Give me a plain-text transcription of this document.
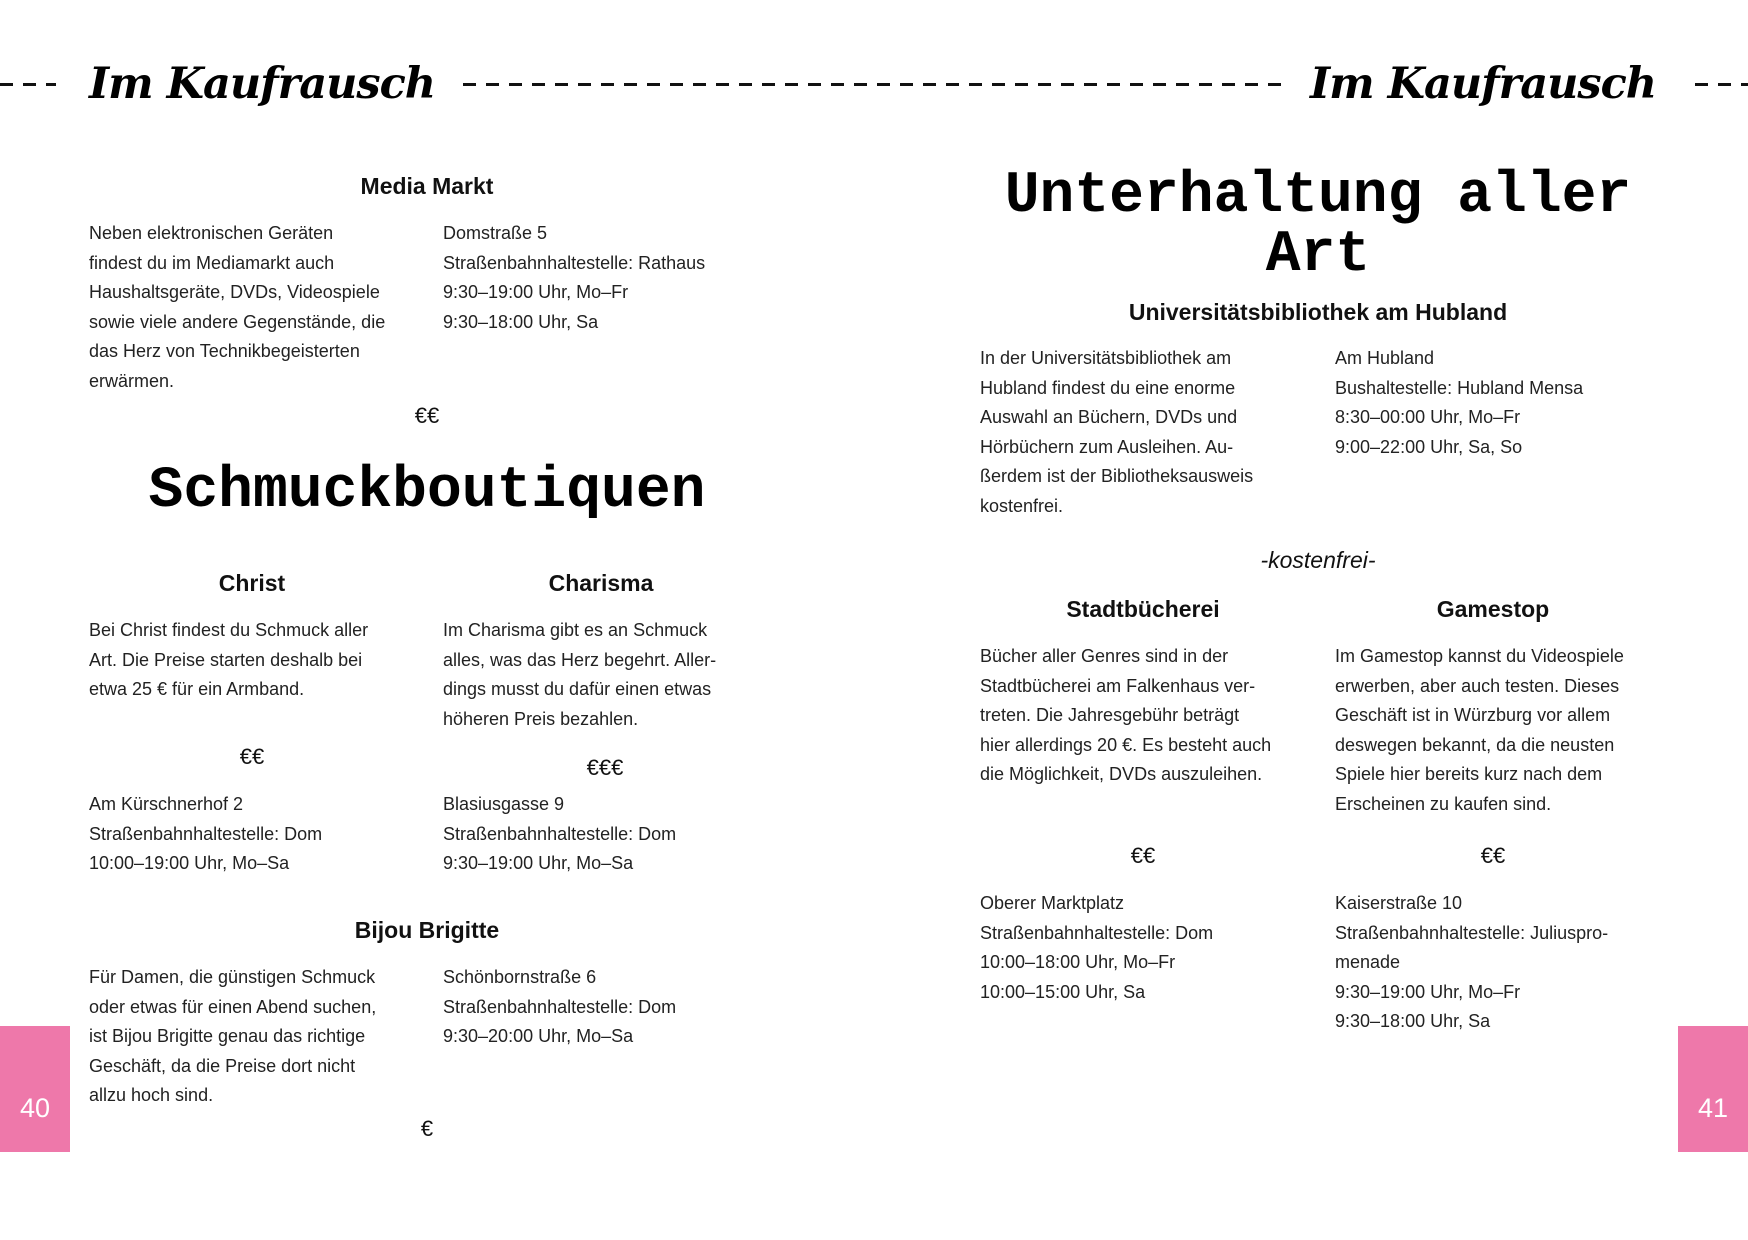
Im Kaufrausch	Im Kaufrausch
Media Markt
Neben elektronischen Geräten
findest du im Mediamarkt auch
Haushaltsgeräte, DVDs, Videospiele
sowie viele andere Gegenstände, die
das Herz von Technikbegeisterten
erwärmen.
Domstraße 5
Straßenbahnhaltestelle: Rathaus
9:30–19:00 Uhr, Mo–Fr
9:30–18:00 Uhr, Sa
€€
Schmuckboutiquen
Christ	Charisma
Bei Christ findest du Schmuck aller
Art. Die Preise starten deshalb bei
etwa 25 € für ein Armband.
Im Charisma gibt es an Schmuck
alles, was das Herz begehrt. Aller-
dings musst du dafür einen etwas
höheren Preis bezahlen.
€€	€€€
Am Kürschnerhof 2
Straßenbahnhaltestelle: Dom
10:00–19:00 Uhr, Mo–Sa
Blasiusgasse 9
Straßenbahnhaltestelle: Dom
9:30–19:00 Uhr, Mo–Sa
Bijou Brigitte
Für Damen, die günstigen Schmuck
oder etwas für einen Abend suchen,
ist Bijou Brigitte genau das richtige
Geschäft, da die Preise dort nicht
allzu hoch sind.
Schönbornstraße 6
Straßenbahnhaltestelle: Dom
9:30–20:00 Uhr, Mo–Sa
€
40
Unterhaltung aller
Art
Universitätsbibliothek am Hubland
In der Universitätsbibliothek am
Hubland findest du eine enorme
Auswahl an Büchern, DVDs und
Hörbüchern zum Ausleihen. Au-
ßerdem ist der Bibliotheksausweis
kostenfrei.
Am Hubland
Bushaltestelle: Hubland Mensa
8:30–00:00 Uhr, Mo–Fr
9:00–22:00 Uhr, Sa, So
-kostenfrei-
Stadtbücherei	Gamestop
Bücher aller Genres sind in der
Stadtbücherei am Falkenhaus ver-
treten. Die Jahresgebühr beträgt
hier allerdings 20 €. Es besteht auch
die Möglichkeit, DVDs auszuleihen.
Im Gamestop kannst du Videospiele
erwerben, aber auch testen. Dieses
Geschäft ist in Würzburg vor allem
deswegen bekannt, da die neusten
Spiele hier bereits kurz nach dem
Erscheinen zu kaufen sind.
€€	€€
Oberer Marktplatz
Straßenbahnhaltestelle: Dom
10:00–18:00 Uhr, Mo–Fr
10:00–15:00 Uhr, Sa
Kaiserstraße 10
Straßenbahnhaltestelle: Juliuspro-
menade
9:30–19:00 Uhr, Mo–Fr
9:30–18:00 Uhr, Sa
41
